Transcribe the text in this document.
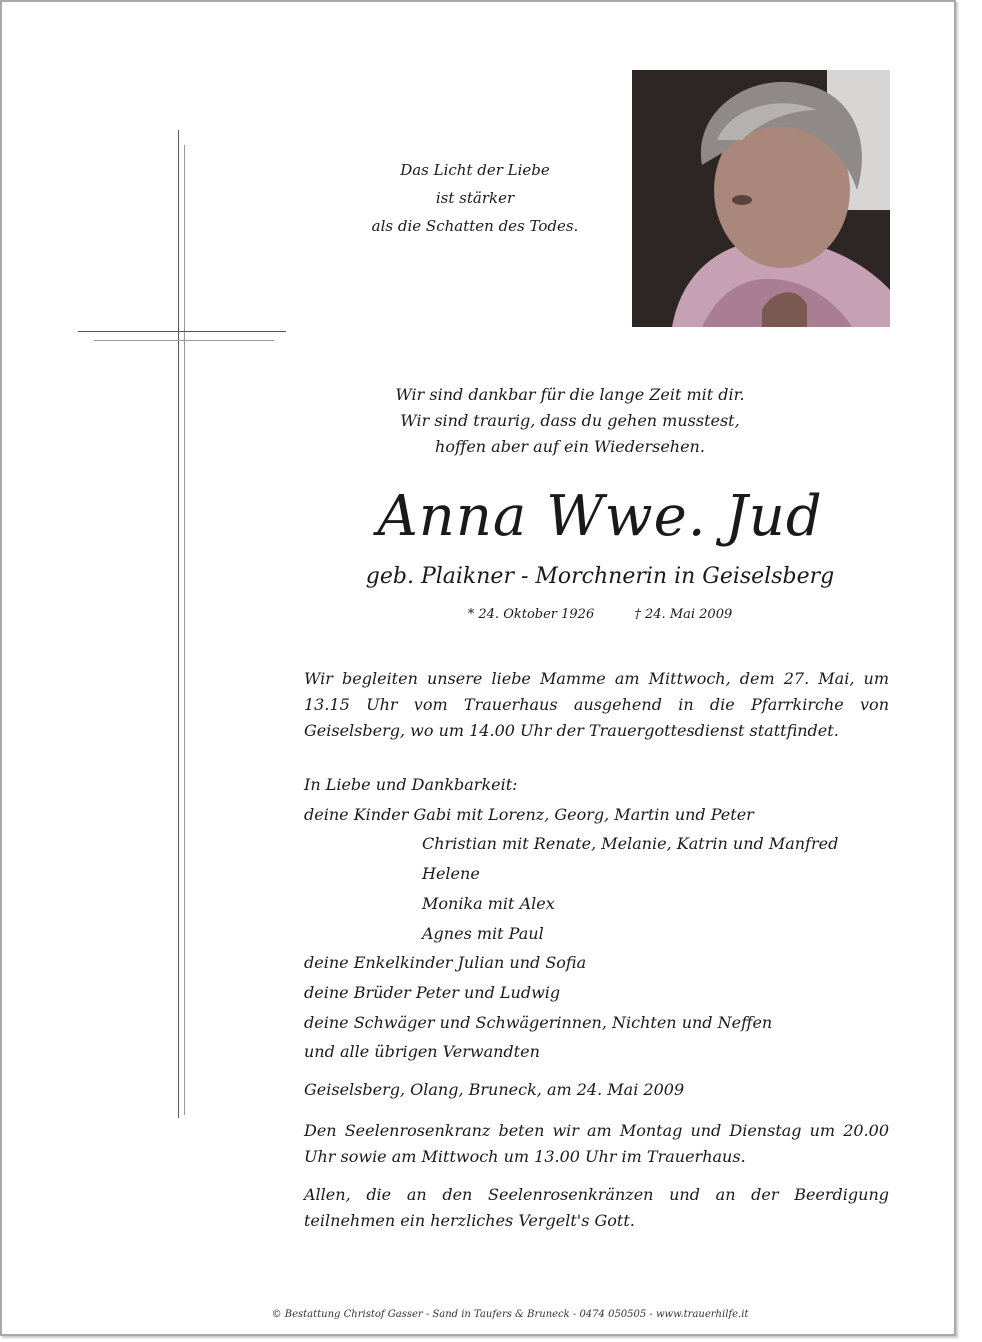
Das Licht der Liebe
ist stärker
als die Schatten des Todes.
Wir sind dankbar für die lange Zeit mit dir.
Wir sind traurig, dass du gehen musstest,
hoffen aber auf ein Wiedersehen.
Anna Wwe. Jud
geb. Plaikner - Morchnerin in Geiselsberg
* 24. Oktober 1926	† 24. Mai 2009
Wir begleiten unsere liebe Mamme am Mittwoch, dem 27. Mai, um 13.15 Uhr vom Trauerhaus ausgehend in die Pfarrkirche von Geiselsberg, wo um 14.00 Uhr der Trauergottesdienst stattfindet.
In Liebe und Dankbarkeit:
deine Kinder Gabi mit Lorenz, Georg, Martin und Peter
Christian mit Renate, Melanie, Katrin und Manfred
Helene
Monika mit Alex
Agnes mit Paul
deine Enkelkinder Julian und Sofia
deine Brüder Peter und Ludwig
deine Schwäger und Schwägerinnen, Nichten und Neffen
und alle übrigen Verwandten
Geiselsberg, Olang, Bruneck, am 24. Mai 2009
Den Seelenrosenkranz beten wir am Montag und Dienstag um 20.00 Uhr sowie am Mittwoch um 13.00 Uhr im Trauerhaus.
Allen, die an den Seelenrosenkränzen und an der Beerdigung teilnehmen ein herzliches Vergelt's Gott.
© Bestattung Christof Gasser - Sand in Taufers & Bruneck - 0474 050505 - www.trauerhilfe.it
